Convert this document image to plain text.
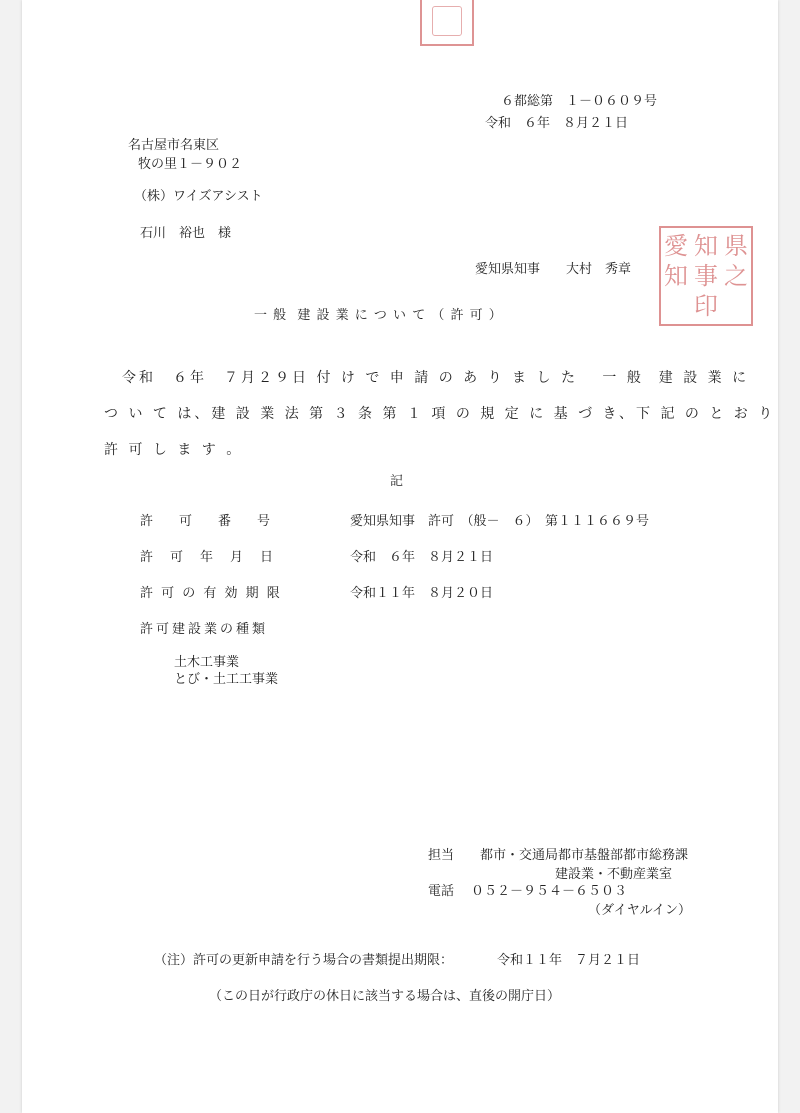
６都総第　１－０６０９号
令和　６年　８月２１日
名古屋市名東区
牧の里１－９０２
（株）ワイズアシスト
石川　裕也　様
愛知県知事　　大村　秀章
愛 知 県
知 事 之
印
一 般  建 設 業 に つ い て （ 許 可 ）
令和　６年　７月２９日 付 け で 申 請 の あ り ま し た　 一 般  建 設 業 に
つ い て は、建 設 業 法 第 ３ 条 第 １ 項 の 規 定 に 基 づ き、下 記 の と お り
許 可 し ま す 。
記
許　　可　　番　　号	愛知県知事　許可　（般－　６）　第１１１６６９号
許　可　年　月　日	令和　６年　８月２１日
許 可 の 有 効 期 限	令和１１年　８月２０日
許可建設業の種類
土木工事業
とび・土工工事業
担当 都市・交通局都市基盤部都市総務課
建設業・不動産業室
電話 ０５２－９５４－６５０３
（ダイヤルイン）
（注）許可の更新申請を行う場合の書類提出期限：	令和１１年　７月２１日
（この日が行政庁の休日に該当する場合は、直後の開庁日）
